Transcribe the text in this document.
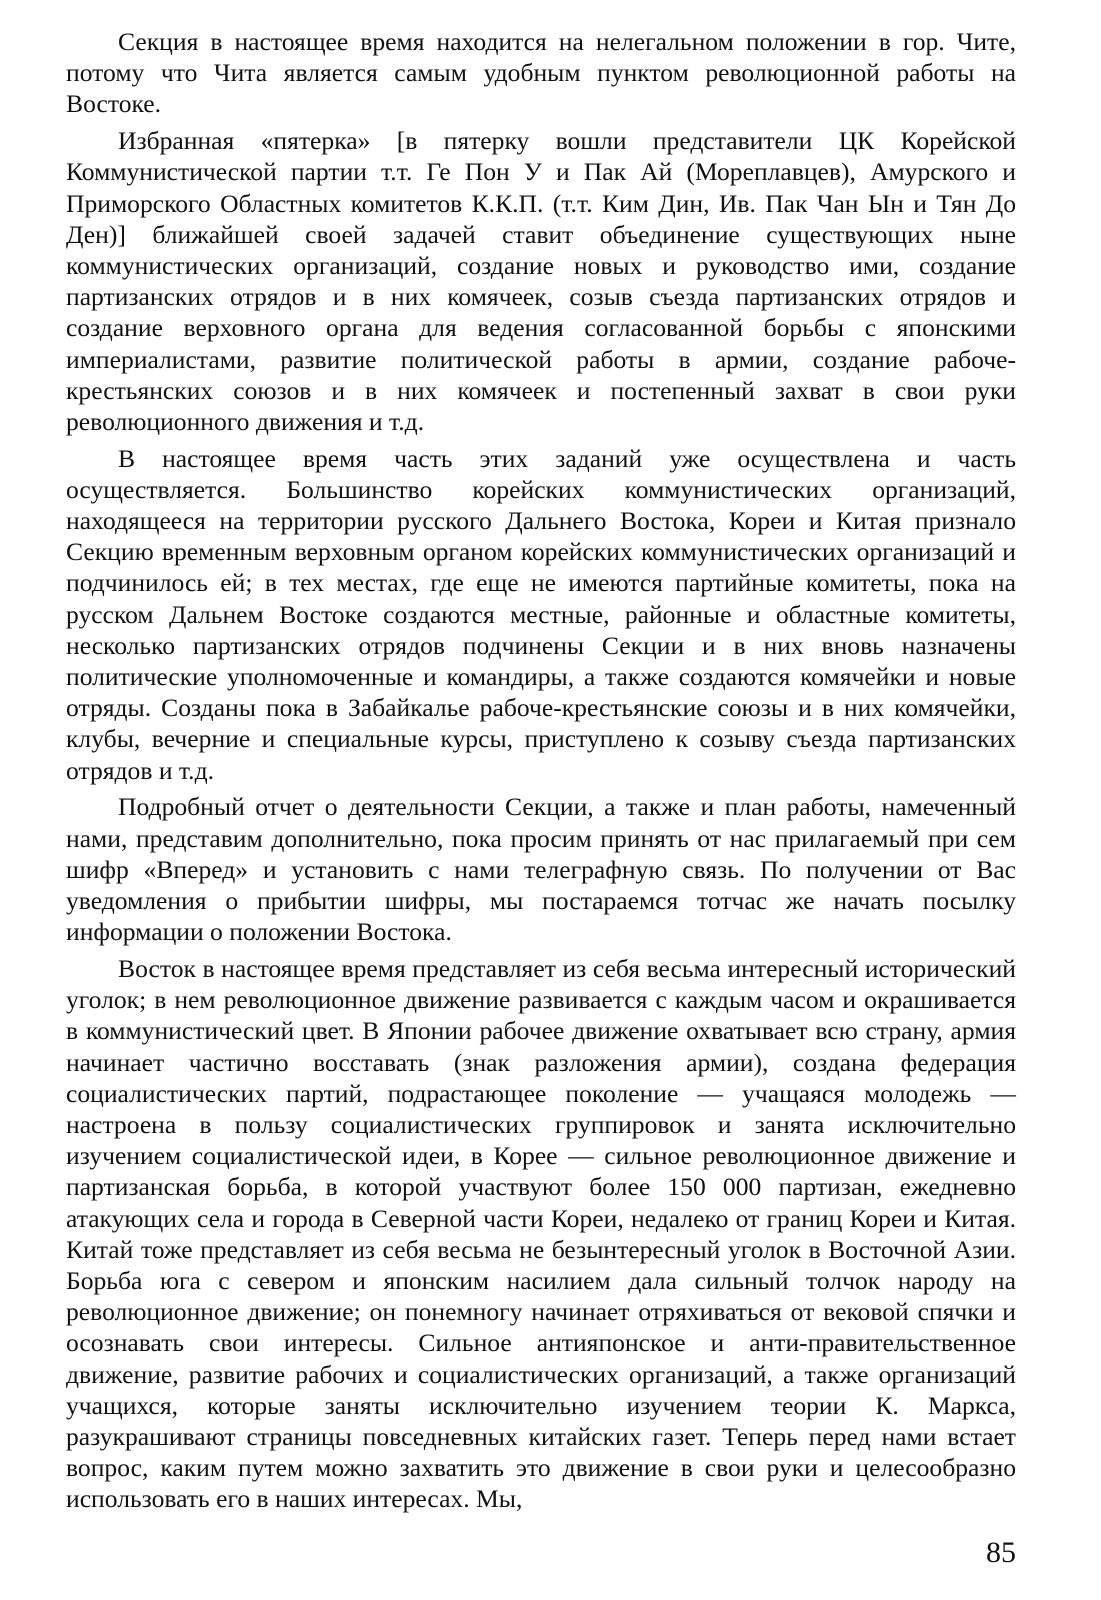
Секция в настоящее время находится на нелегальном положении в гор. Чите, потому что Чита является самым удобным пунктом революционной работы на Востоке.

Избранная «пятерка» [в пятерку вошли представители ЦК Корейской Коммунистической партии т.т. Ге Пон У и Пак Ай (Мореплавцев), Амурского и Приморского Областных комитетов К.К.П. (т.т. Ким Дин, Ив. Пак Чан Ын и Тян До Ден)] ближайшей своей задачей ставит объединение существующих ныне коммунистических организаций, создание новых и руководство ими, создание партизанских отрядов и в них комячеек, созыв съезда партизанских отрядов и создание верховного органа для ведения согласованной борьбы с японскими империалистами, развитие политической работы в армии, создание рабоче-крестьянских союзов и в них комячеек и постепенный захват в свои руки революционного движения и т.д.

В настоящее время часть этих заданий уже осуществлена и часть осуществляется. Большинство корейских коммунистических организаций, находящееся на территории русского Дальнего Востока, Кореи и Китая признало Секцию временным верховным органом корейских коммунистических организаций и подчинилось ей; в тех местах, где еще не имеются партийные комитеты, пока на русском Дальнем Востоке создаются местные, районные и областные комитеты, несколько партизанских отрядов подчинены Секции и в них вновь назначены политические уполномоченные и командиры, а также создаются комячейки и новые отряды. Созданы пока в Забайкалье рабоче-крестьянские союзы и в них комячейки, клубы, вечерние и специальные курсы, приступлено к созыву съезда партизанских отрядов и т.д.

Подробный отчет о деятельности Секции, а также и план работы, намеченный нами, представим дополнительно, пока просим принять от нас прилагаемый при сем шифр «Вперед» и установить с нами телеграфную связь. По получении от Вас уведомления о прибытии шифры, мы постараемся тотчас же начать посылку информации о положении Востока.

Восток в настоящее время представляет из себя весьма интересный исторический уголок; в нем революционное движение развивается с каждым часом и окрашивается в коммунистический цвет. В Японии рабочее движение охватывает всю страну, армия начинает частично восставать (знак разложения армии), создана федерация социалистических партий, подрастающее поколение — учащаяся молодежь — настроена в пользу социалистических группировок и занята исключительно изучением социалистической идеи, в Корее — сильное революционное движение и партизанская борьба, в которой участвуют более 150 000 партизан, ежедневно атакующих села и города в Северной части Кореи, недалеко от границ Кореи и Китая. Китай тоже представляет из себя весьма не безынтересный уголок в Восточной Азии. Борьба юга с севером и японским насилием дала сильный толчок народу на революционное движение; он понемногу начинает отряхиваться от вековой спячки и осознавать свои интересы. Сильное антияпонское и анти-правительственное движение, развитие рабочих и социалистических организаций, а также организаций учащихся, которые заняты исключительно изучением теории К. Маркса, разукрашивают страницы повседневных китайских газет. Теперь перед нами встает вопрос, каким путем можно захватить это движение в свои руки и целесообразно использовать его в наших интересах. Мы,

85
